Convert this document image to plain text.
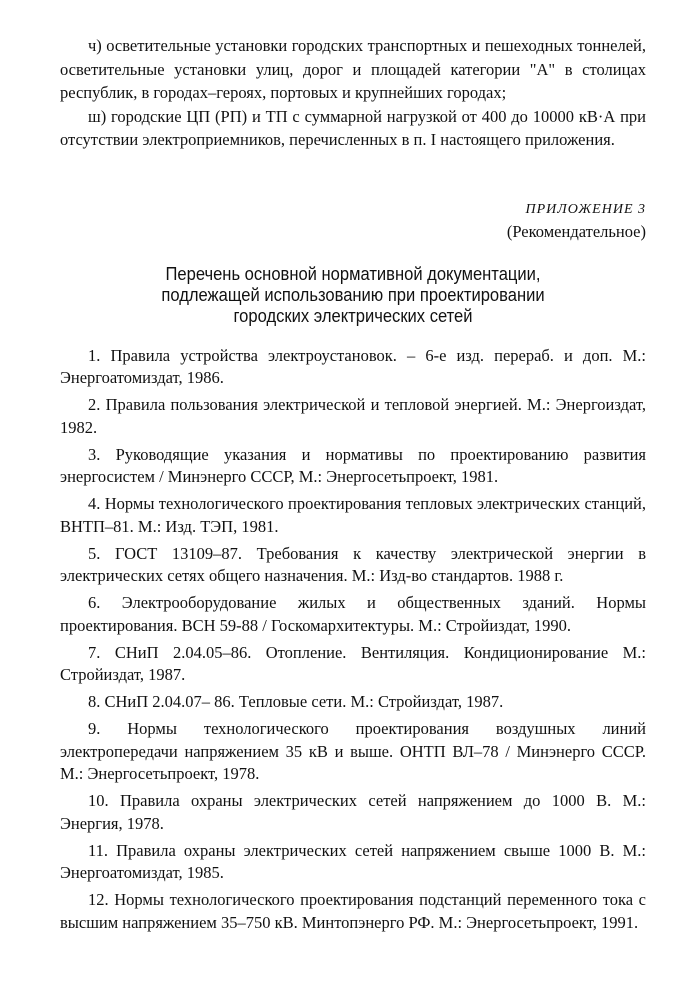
ч) осветительные установки городских транспортных и пешеходных тоннелей, осветительные установки улиц, дорог и площадей категории "А" в столицах республик, в городах–героях, портовых и крупнейших городах;

ш) городские ЦП (РП) и ТП с суммарной нагрузкой от 400 до 10000 кВ·А при отсутствии электроприемников, перечисленных в п. I настоящего приложения.

ПРИЛОЖЕНИЕ 3
(Рекомендательное)
Перечень основной нормативной документации,
подлежащей использованию при проектировании
городских электрических сетей

1. Правила устройства электроустановок. – 6-е изд. перераб. и доп. М.: Энергоатомиздат, 1986.

2. Правила пользования электрической и тепловой энергией. М.: Энергоиздат, 1982.

3. Руководящие указания и нормативы по проектированию развития энергосистем / Минэнерго СССР, М.: Энергосетьпроект, 1981.

4. Нормы технологического проектирования тепловых электрических станций, ВНТП–81. М.: Изд. ТЭП, 1981.

5. ГОСТ 13109–87. Требования к качеству электрической энергии в электрических сетях общего назначения. М.: Изд-во стандартов. 1988 г.

6. Электрооборудование жилых и общественных зданий. Нормы проектирования. ВСН 59-88 / Госкомархитектуры. М.: Стройиздат, 1990.

7. СНиП 2.04.05–86. Отопление. Вентиляция. Кондиционирование М.: Стройиздат, 1987.

8. СНиП 2.04.07– 86. Тепловые сети. М.: Стройиздат, 1987.

9. Нормы технологического проектирования воздушных линий электропередачи напряжением 35 кВ и выше. ОНТП ВЛ–78 / Минэнерго СССР. М.: Энергосетьпроект, 1978.

10. Правила охраны электрических сетей напряжением до 1000 В. М.: Энергия, 1978.

11. Правила охраны электрических сетей напряжением свыше 1000 В. М.: Энергоатомиздат, 1985.

12. Нормы технологического проектирования подстанций переменного тока с высшим напряжением 35–750 кВ. Минтопэнерго РФ. М.: Энергосетьпроект, 1991.
